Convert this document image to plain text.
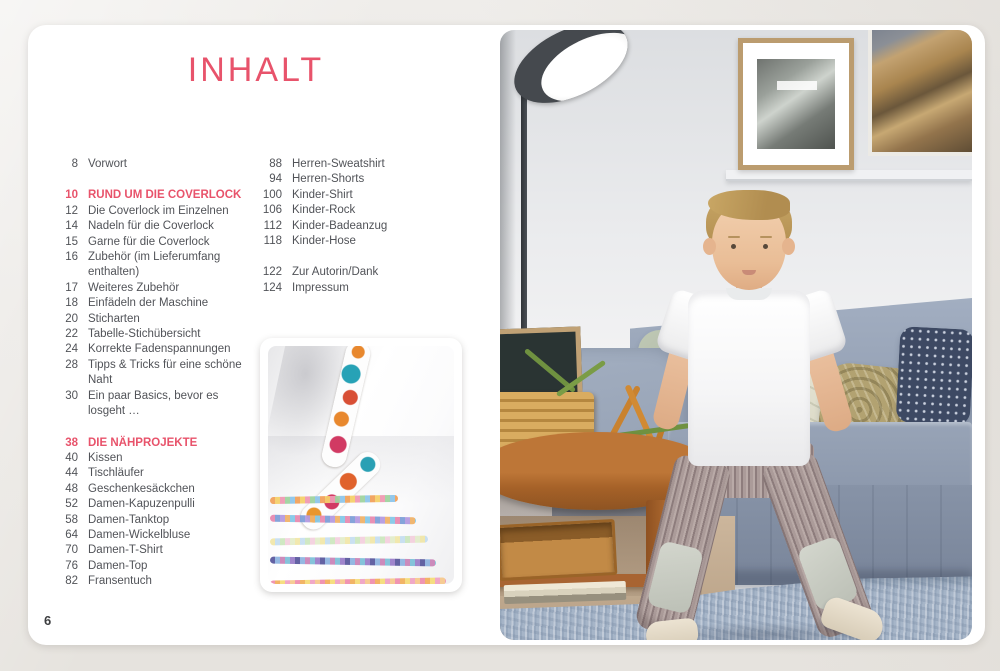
INHALT
8 Vorwort
10 RUND UM DIE COVERLOCK
12 Die Coverlock im Einzelnen
14 Nadeln für die Coverlock
15 Garne für die Coverlock
16 Zubehör (im Lieferumfang enthalten)
17 Weiteres Zubehör
18 Einfädeln der Maschine
20 Sticharten
22 Tabelle-Stichübersicht
24 Korrekte Fadenspannungen
28 Tipps & Tricks für eine schöne Naht
30 Ein paar Basics, bevor es losgeht …
38 DIE NÄHPROJEKTE
40 Kissen
44 Tischläufer
48 Geschenkesäckchen
52 Damen-Kapuzenpulli
58 Damen-Tanktop
64 Damen-Wickelbluse
70 Damen-T-Shirt
76 Damen-Top
82 Fransentuch
88 Herren-Sweatshirt
94 Herren-Shorts
100 Kinder-Shirt
106 Kinder-Rock
112 Kinder-Badeanzug
118 Kinder-Hose
122 Zur Autorin/Dank
124 Impressum
6
